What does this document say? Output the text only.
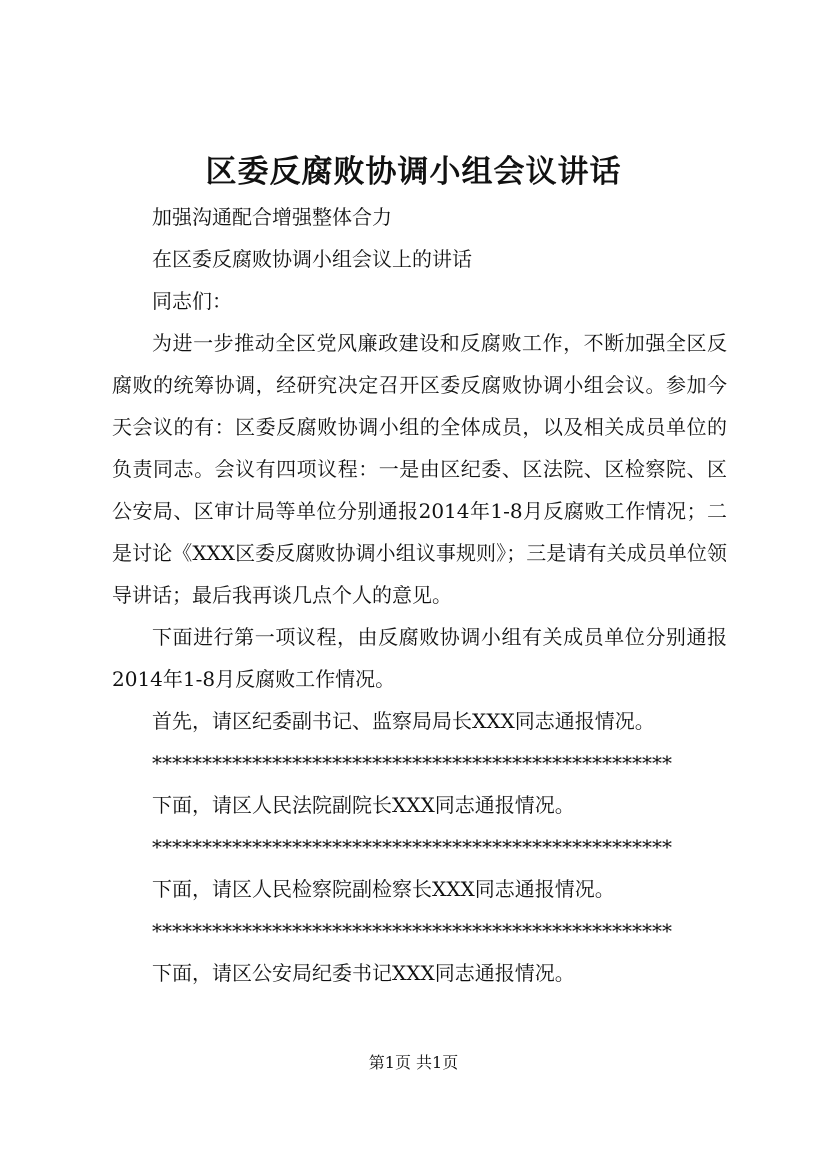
区委反腐败协调小组会议讲话

加强沟通配合增强整体合力

在区委反腐败协调小组会议上的讲话

同志们：

为进一步推动全区党风廉政建设和反腐败工作，不断加强全区反腐败的统筹协调，经研究决定召开区委反腐败协调小组会议。参加今天会议的有：区委反腐败协调小组的全体成员，以及相关成员单位的负责同志。会议有四项议程：一是由区纪委、区法院、区检察院、区公安局、区审计局等单位分别通报2014年1-8月反腐败工作情况；二是讨论《XXX区委反腐败协调小组议事规则》；三是请有关成员单位领导讲话；最后我再谈几点个人的意见。

下面进行第一项议程，由反腐败协调小组有关成员单位分别通报2014年1-8月反腐败工作情况。

首先，请区纪委副书记、监察局局长XXX同志通报情况。

****************************************************

下面，请区人民法院副院长XXX同志通报情况。

****************************************************

下面，请区人民检察院副检察长XXX同志通报情况。

****************************************************

下面，请区公安局纪委书记XXX同志通报情况。

第1页 共1页
